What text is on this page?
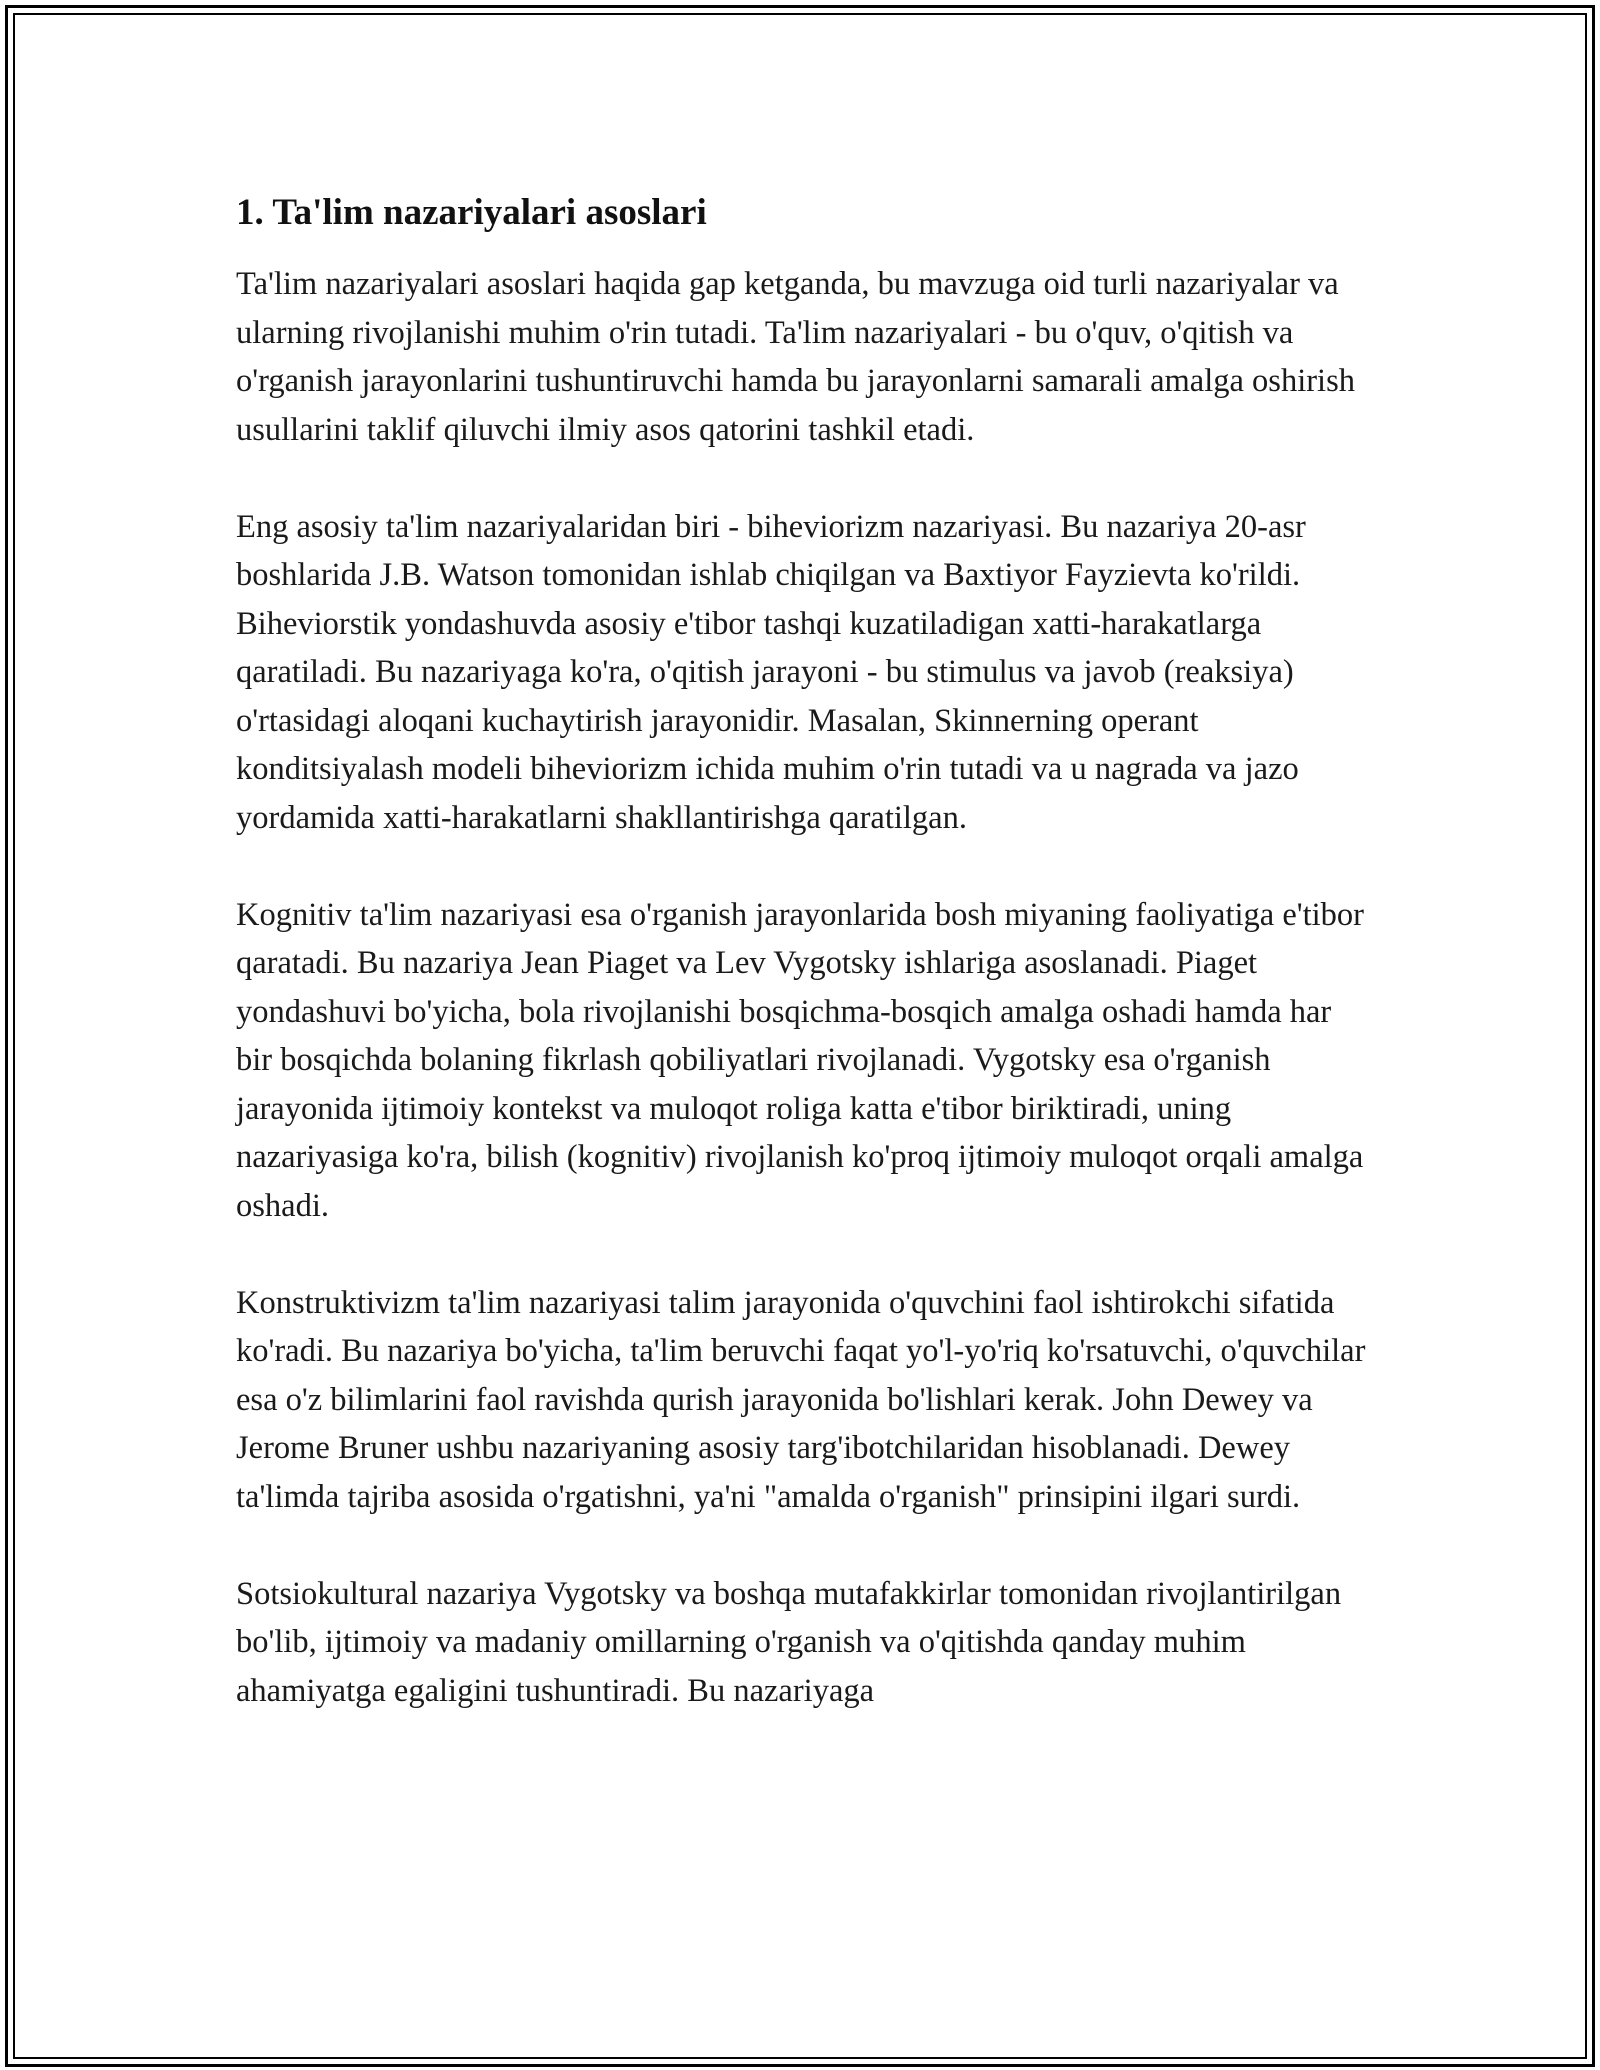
1. Ta'lim nazariyalari asoslari

Ta'lim nazariyalari asoslari haqida gap ketganda, bu mavzuga oid turli nazariyalar va ularning rivojlanishi muhim o'rin tutadi. Ta'lim nazariyalari - bu o'quv, o'qitish va o'rganish jarayonlarini tushuntiruvchi hamda bu jarayonlarni samarali amalga oshirish usullarini taklif qiluvchi ilmiy asos qatorini tashkil etadi.

Eng asosiy ta'lim nazariyalaridan biri - biheviorizm nazariyasi. Bu nazariya 20-asr boshlarida J.B. Watson tomonidan ishlab chiqilgan va Baxtiyor Fayzievta ko'rildi. Biheviorstik yondashuvda asosiy e'tibor tashqi kuzatiladigan xatti-harakatlarga qaratiladi. Bu nazariyaga ko'ra, o'qitish jarayoni - bu stimulus va javob (reaksiya) o'rtasidagi aloqani kuchaytirish jarayonidir. Masalan, Skinnerning operant konditsiyalash modeli biheviorizm ichida muhim o'rin tutadi va u nagrada va jazo yordamida xatti-harakatlarni shakllantirishga qaratilgan.

Kognitiv ta'lim nazariyasi esa o'rganish jarayonlarida bosh miyaning faoliyatiga e'tibor qaratadi. Bu nazariya Jean Piaget va Lev Vygotsky ishlariga asoslanadi. Piaget yondashuvi bo'yicha, bola rivojlanishi bosqichma-bosqich amalga oshadi hamda har bir bosqichda bolaning fikrlash qobiliyatlari rivojlanadi. Vygotsky esa o'rganish jarayonida ijtimoiy kontekst va muloqot roliga katta e'tibor biriktiradi, uning nazariyasiga ko'ra, bilish (kognitiv) rivojlanish ko'proq ijtimoiy muloqot orqali amalga oshadi.

Konstruktivizm ta'lim nazariyasi talim jarayonida o'quvchini faol ishtirokchi sifatida ko'radi. Bu nazariya bo'yicha, ta'lim beruvchi faqat yo'l-yo'riq ko'rsatuvchi, o'quvchilar esa o'z bilimlarini faol ravishda qurish jarayonida bo'lishlari kerak. John Dewey va Jerome Bruner ushbu nazariyaning asosiy targ'ibotchilaridan hisoblanadi. Dewey ta'limda tajriba asosida o'rgatishni, ya'ni "amalda o'rganish" prinsipini ilgari surdi.

Sotsiokultural nazariya Vygotsky va boshqa mutafakkirlar tomonidan rivojlantirilgan bo'lib, ijtimoiy va madaniy omillarning o'rganish va o'qitishda qanday muhim ahamiyatga egaligini tushuntiradi. Bu nazariyaga
